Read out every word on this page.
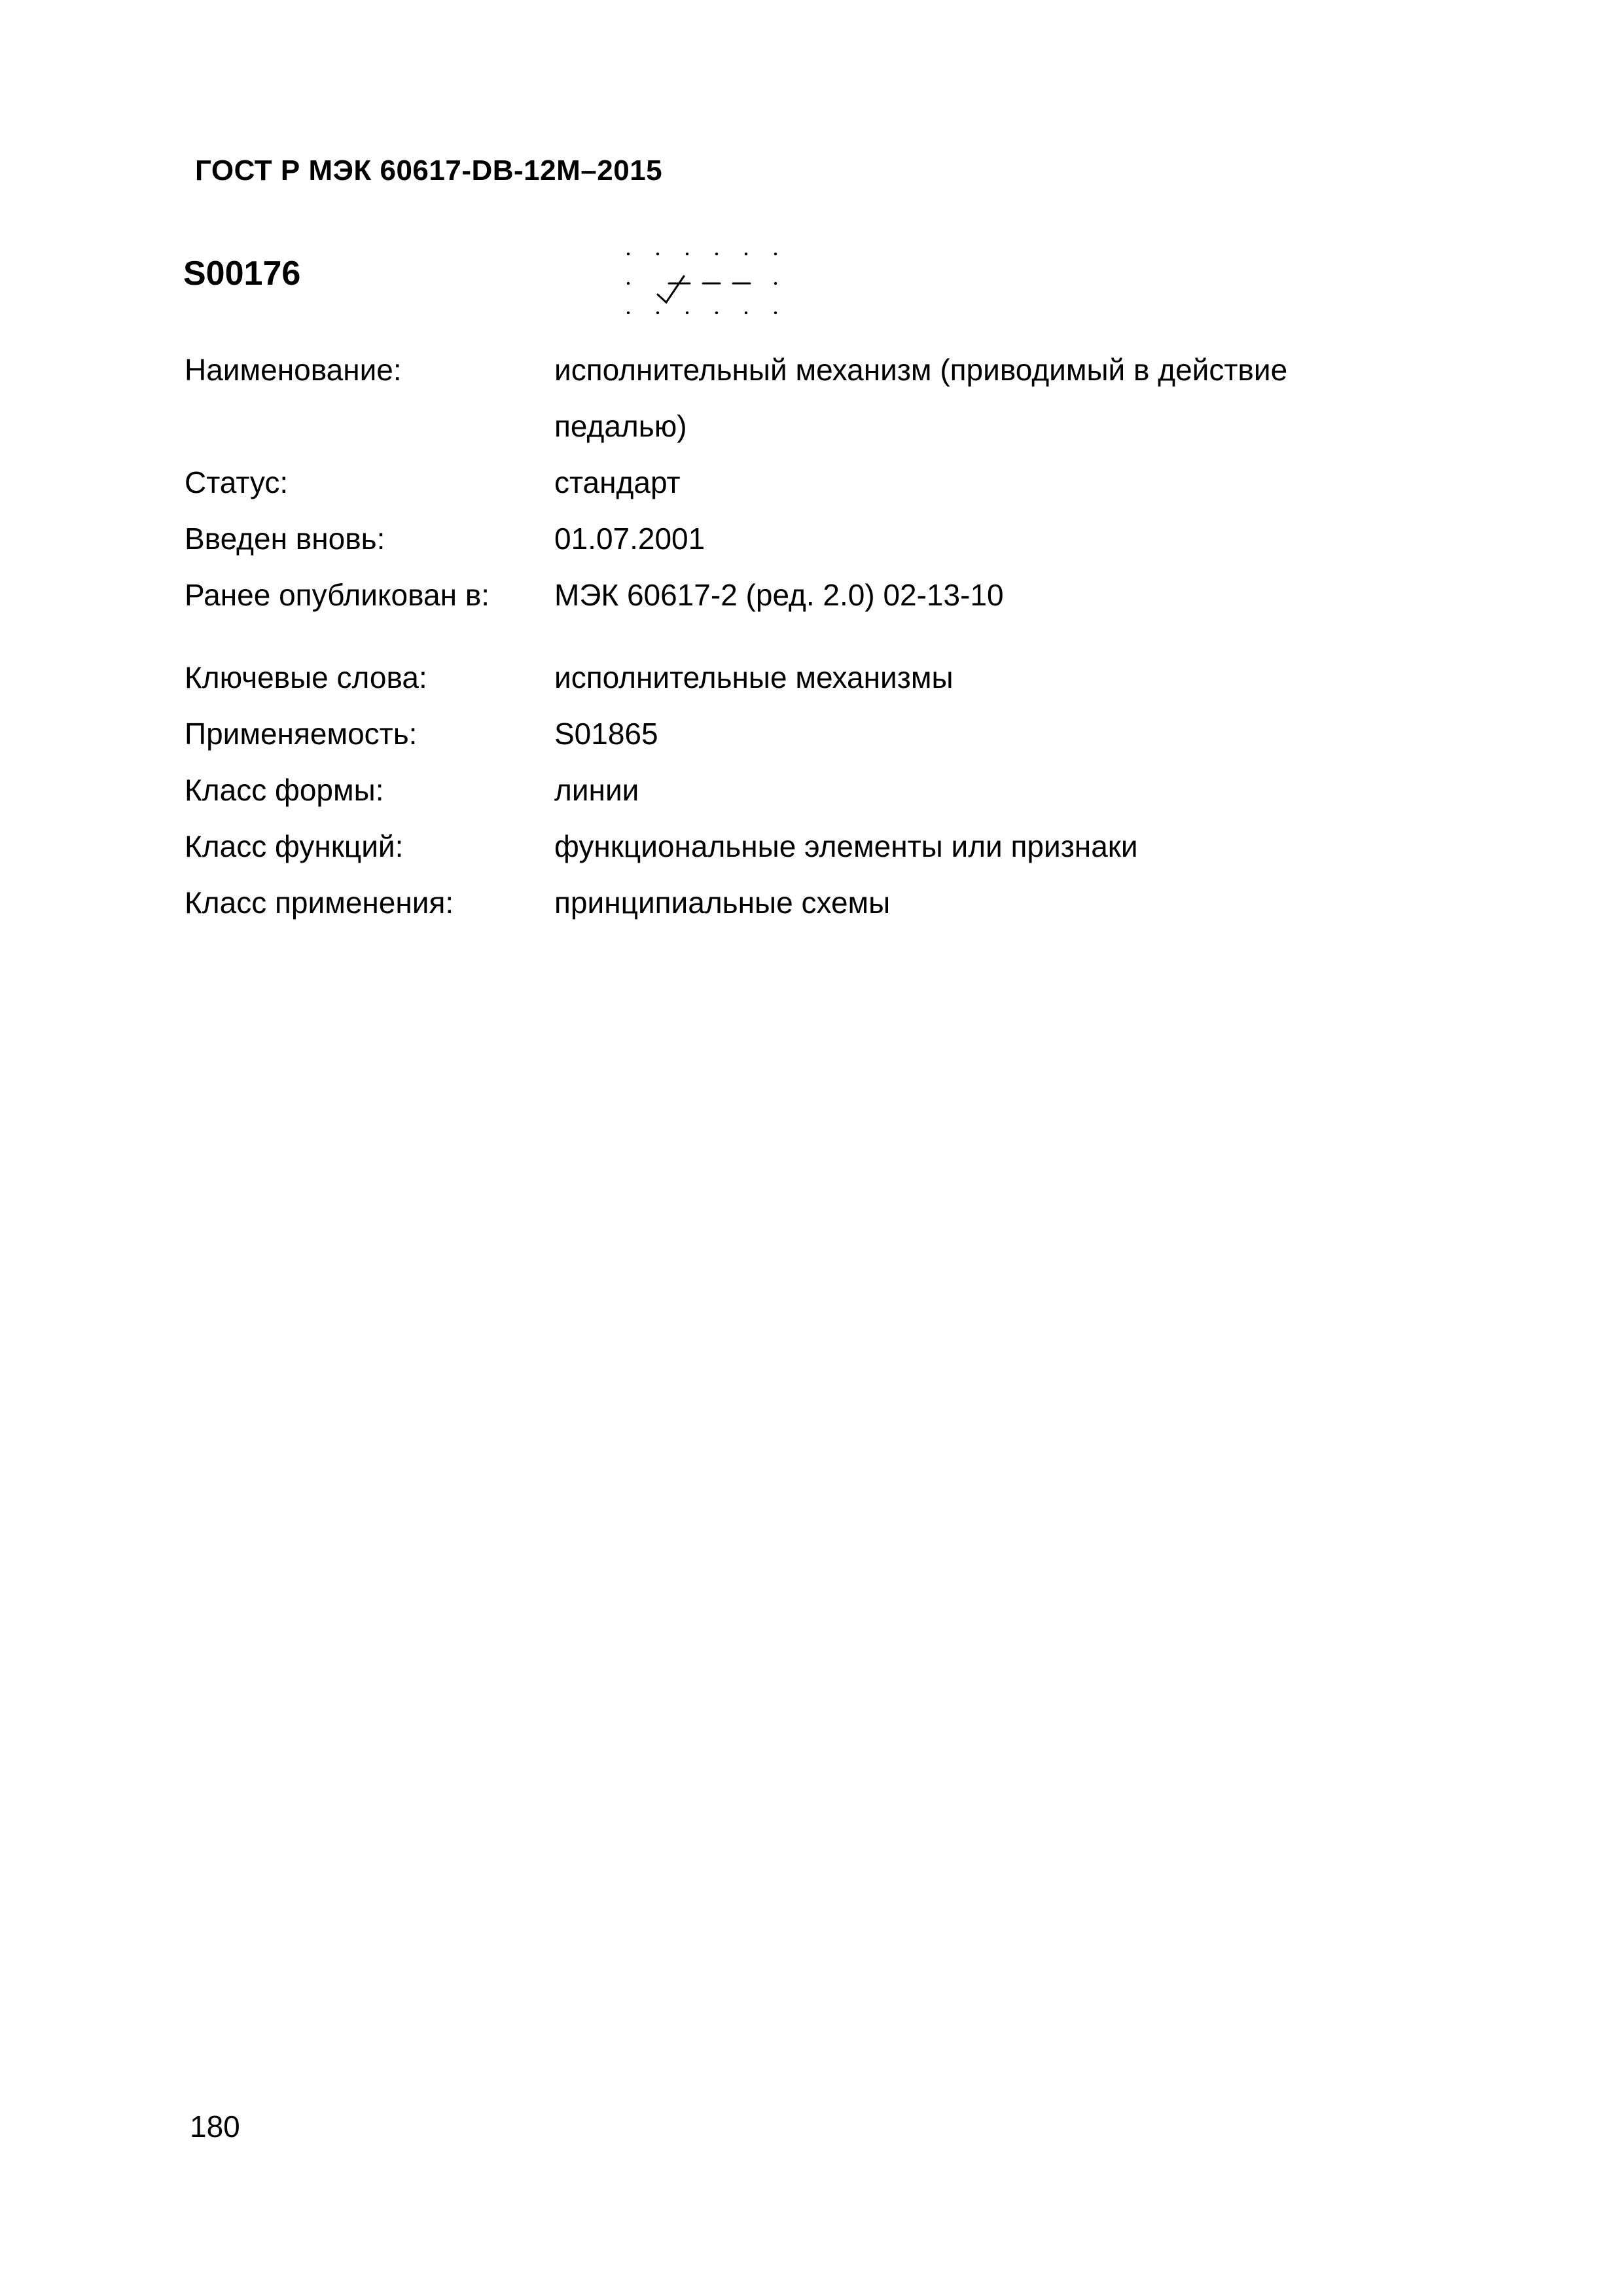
ГОСТ Р МЭК 60617-DB-12M–2015
S00176
Наименование:	исполнительный механизм (приводимый в действие педалью)
Статус:	стандарт
Введен вновь:	01.07.2001
Ранее опубликован в:	МЭК 60617-2 (ред. 2.0) 02-13-10
Ключевые слова:	исполнительные механизмы
Применяемость:	S01865
Класс формы:	линии
Класс функций:	функциональные элементы или признаки
Класс применения:	принципиальные схемы
180
